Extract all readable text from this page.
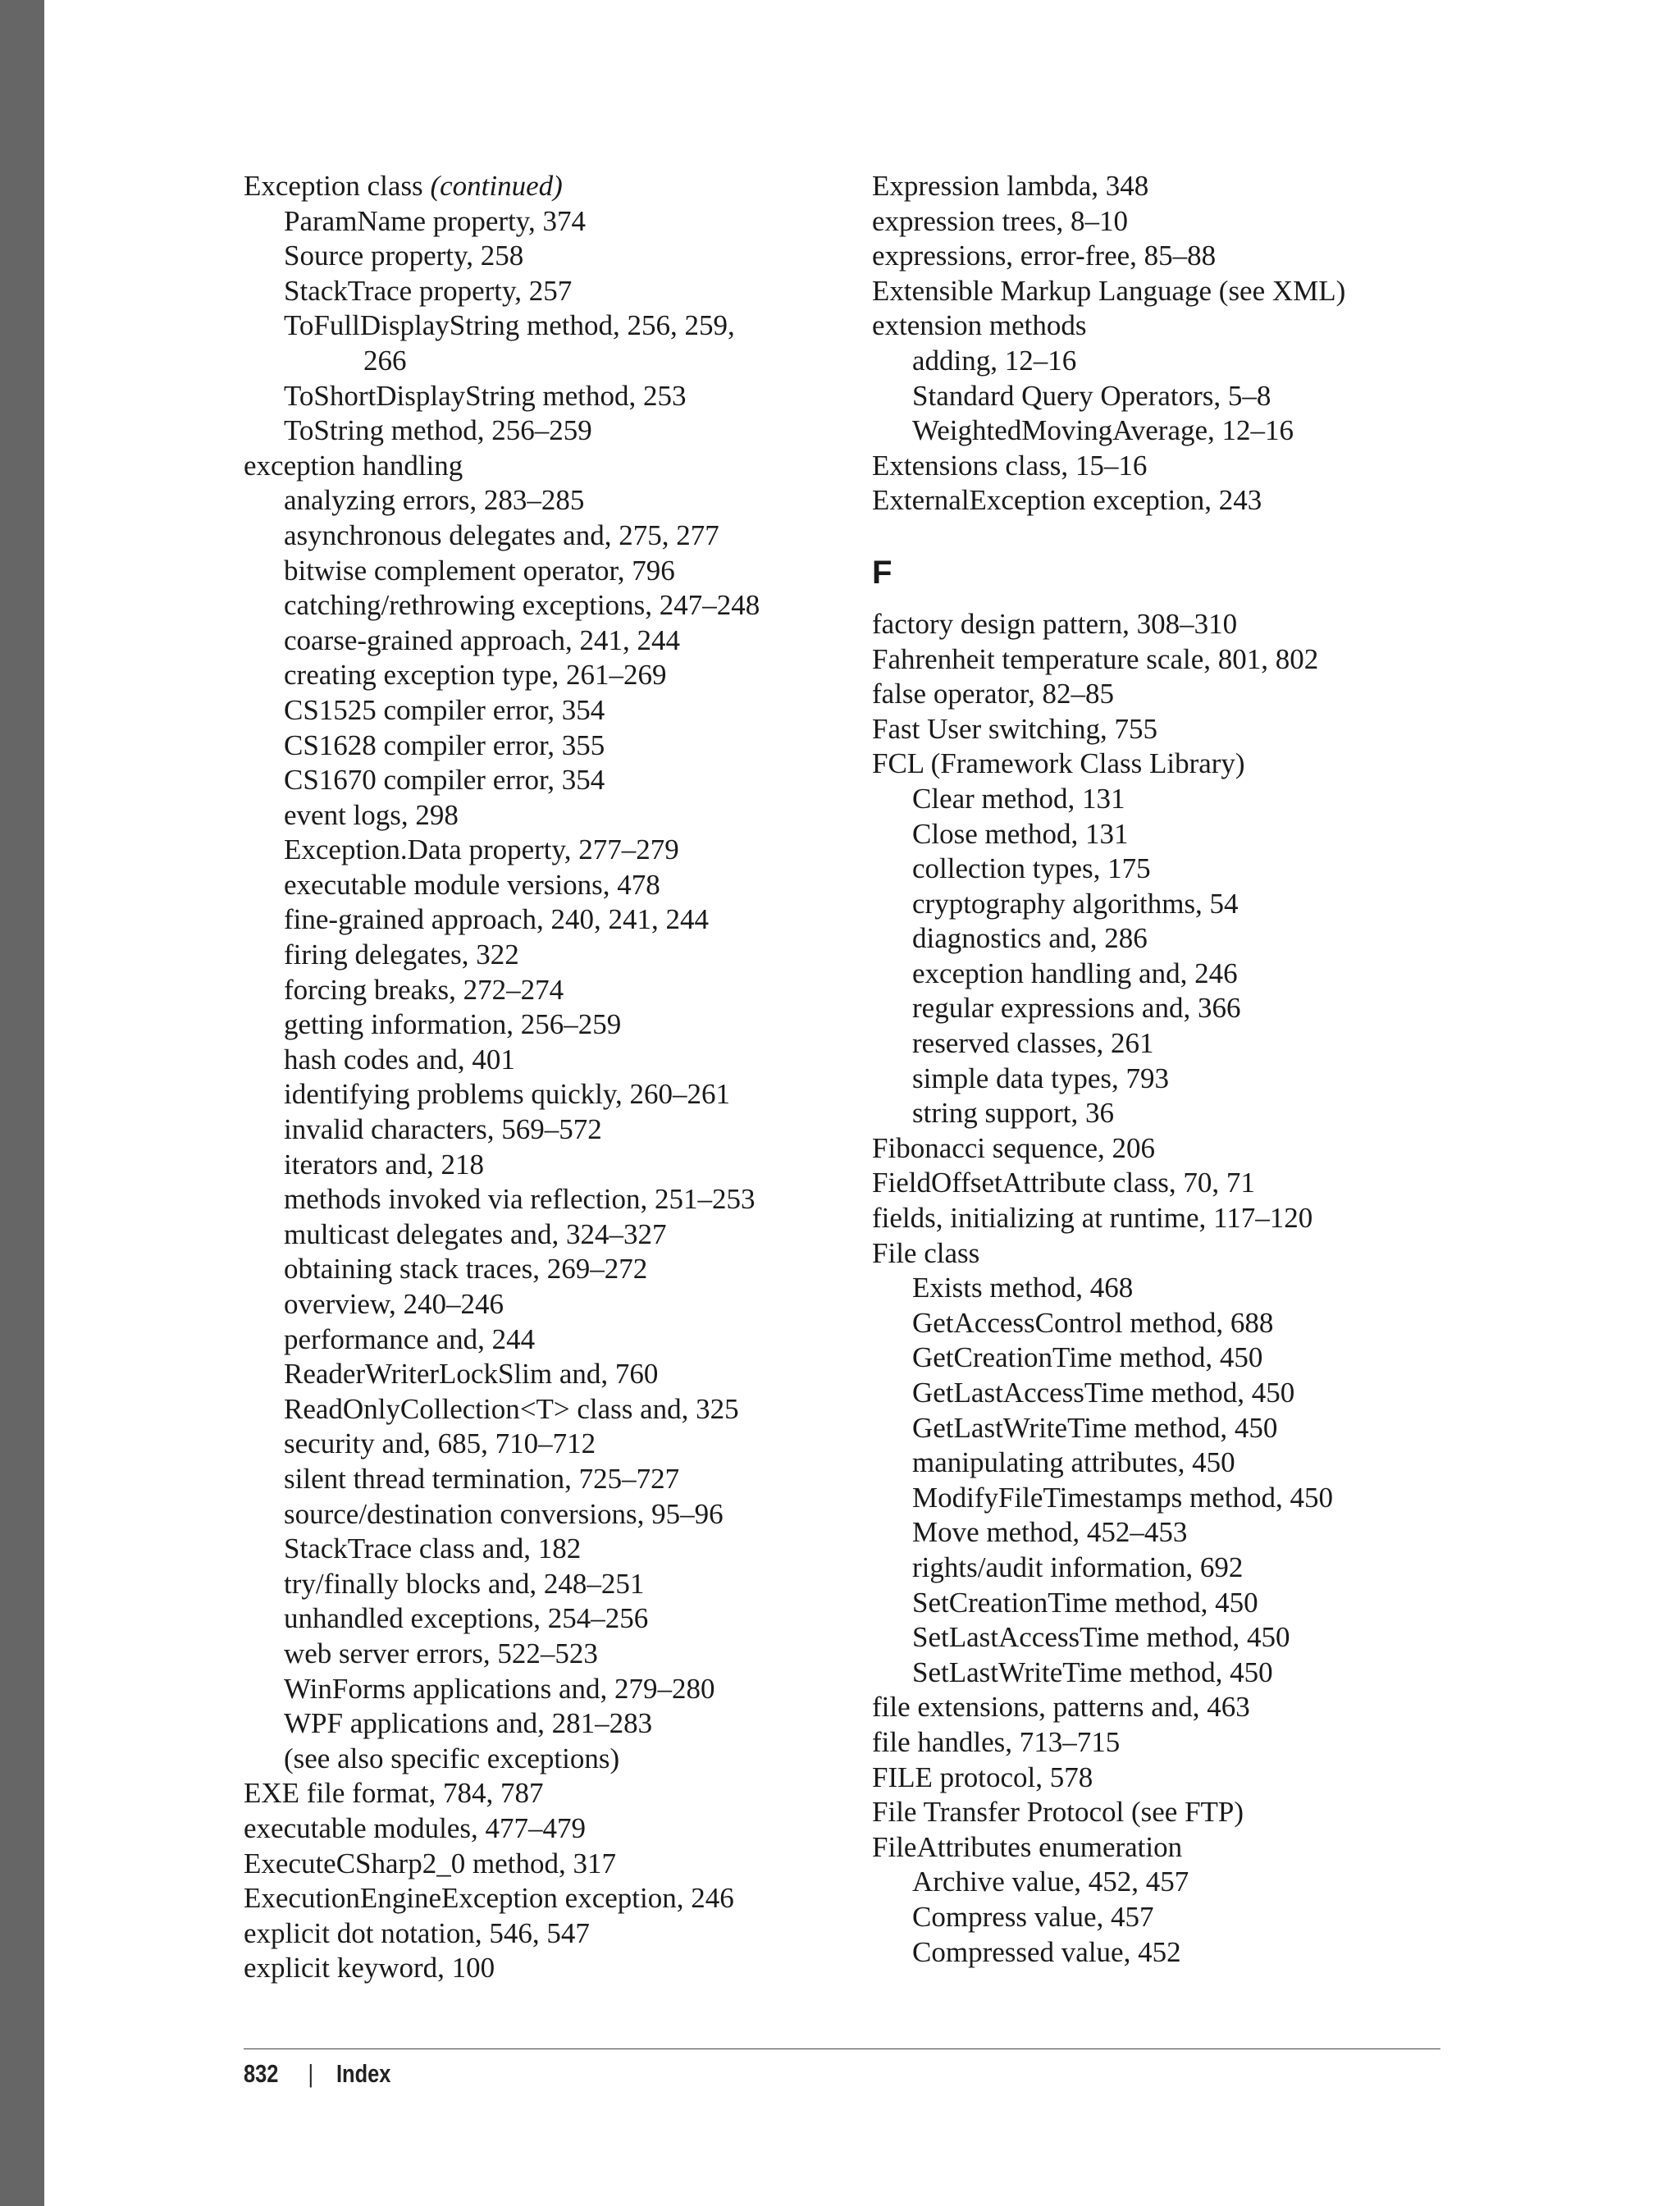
Exception class (continued)
ParamName property, 374
Source property, 258
StackTrace property, 257
ToFullDisplayString method, 256, 259,
266
ToShortDisplayString method, 253
ToString method, 256–259
exception handling
analyzing errors, 283–285
asynchronous delegates and, 275, 277
bitwise complement operator, 796
catching/rethrowing exceptions, 247–248
coarse-grained approach, 241, 244
creating exception type, 261–269
CS1525 compiler error, 354
CS1628 compiler error, 355
CS1670 compiler error, 354
event logs, 298
Exception.Data property, 277–279
executable module versions, 478
fine-grained approach, 240, 241, 244
firing delegates, 322
forcing breaks, 272–274
getting information, 256–259
hash codes and, 401
identifying problems quickly, 260–261
invalid characters, 569–572
iterators and, 218
methods invoked via reflection, 251–253
multicast delegates and, 324–327
obtaining stack traces, 269–272
overview, 240–246
performance and, 244
ReaderWriterLockSlim and, 760
ReadOnlyCollection<T> class and, 325
security and, 685, 710–712
silent thread termination, 725–727
source/destination conversions, 95–96
StackTrace class and, 182
try/finally blocks and, 248–251
unhandled exceptions, 254–256
web server errors, 522–523
WinForms applications and, 279–280
WPF applications and, 281–283
(see also specific exceptions)
EXE file format, 784, 787
executable modules, 477–479
ExecuteCSharp2_0 method, 317
ExecutionEngineException exception, 246
explicit dot notation, 546, 547
explicit keyword, 100
Expression lambda, 348
expression trees, 8–10
expressions, error-free, 85–88
Extensible Markup Language (see XML)
extension methods
adding, 12–16
Standard Query Operators, 5–8
WeightedMovingAverage, 12–16
Extensions class, 15–16
ExternalException exception, 243
F
factory design pattern, 308–310
Fahrenheit temperature scale, 801, 802
false operator, 82–85
Fast User switching, 755
FCL (Framework Class Library)
Clear method, 131
Close method, 131
collection types, 175
cryptography algorithms, 54
diagnostics and, 286
exception handling and, 246
regular expressions and, 366
reserved classes, 261
simple data types, 793
string support, 36
Fibonacci sequence, 206
FieldOffsetAttribute class, 70, 71
fields, initializing at runtime, 117–120
File class
Exists method, 468
GetAccessControl method, 688
GetCreationTime method, 450
GetLastAccessTime method, 450
GetLastWriteTime method, 450
manipulating attributes, 450
ModifyFileTimestamps method, 450
Move method, 452–453
rights/audit information, 692
SetCreationTime method, 450
SetLastAccessTime method, 450
SetLastWriteTime method, 450
file extensions, patterns and, 463
file handles, 713–715
FILE protocol, 578
File Transfer Protocol (see FTP)
FileAttributes enumeration
Archive value, 452, 457
Compress value, 457
Compressed value, 452
832 | Index
